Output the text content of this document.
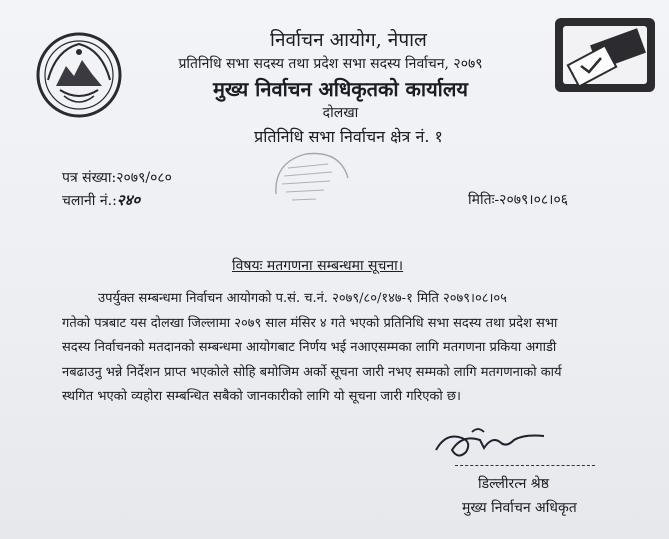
निर्वाचन आयोग, नेपाल
प्रतिनिधि सभा सदस्य तथा प्रदेश सभा सदस्य निर्वाचन, २०७९
मुख्य निर्वाचन अधिकृतको कार्यालय
दोलखा
प्रतिनिधि सभा निर्वाचन क्षेत्र नं. १
पत्र संख्या:२०७९/०८०
चलानी नं.:२४०	मितिः-२०७९।०८।०६
विषयः मतगणना सम्बन्धमा सूचना।
उपर्युक्त सम्बन्धमा निर्वाचन आयोगको प.सं. च.नं. २०७९/८०/१४७-१ मिति २०७९।०८।०५
गतेको पत्रबाट यस दोलखा जिल्लामा २०७९ साल मंसिर ४ गते भएको प्रतिनिधि सभा सदस्य तथा प्रदेश सभा
सदस्य निर्वाचनको मतदानको सम्बन्धमा आयोगबाट निर्णय भई नआएसम्मका लागि मतगणना प्रकिया अगाडी
नबढाउनु भन्ने निर्देशन प्राप्त भएकोले सोहि बमोजिम अर्को सूचना जारी नभए सम्मको लागि मतगणनाको कार्य
स्थगित भएको व्यहोरा सम्बन्धित सबैको जानकारीको लागि यो सूचना जारी गरिएको छ।
डिल्लीरत्न श्रेष्ठ
मुख्य निर्वाचन अधिकृत
